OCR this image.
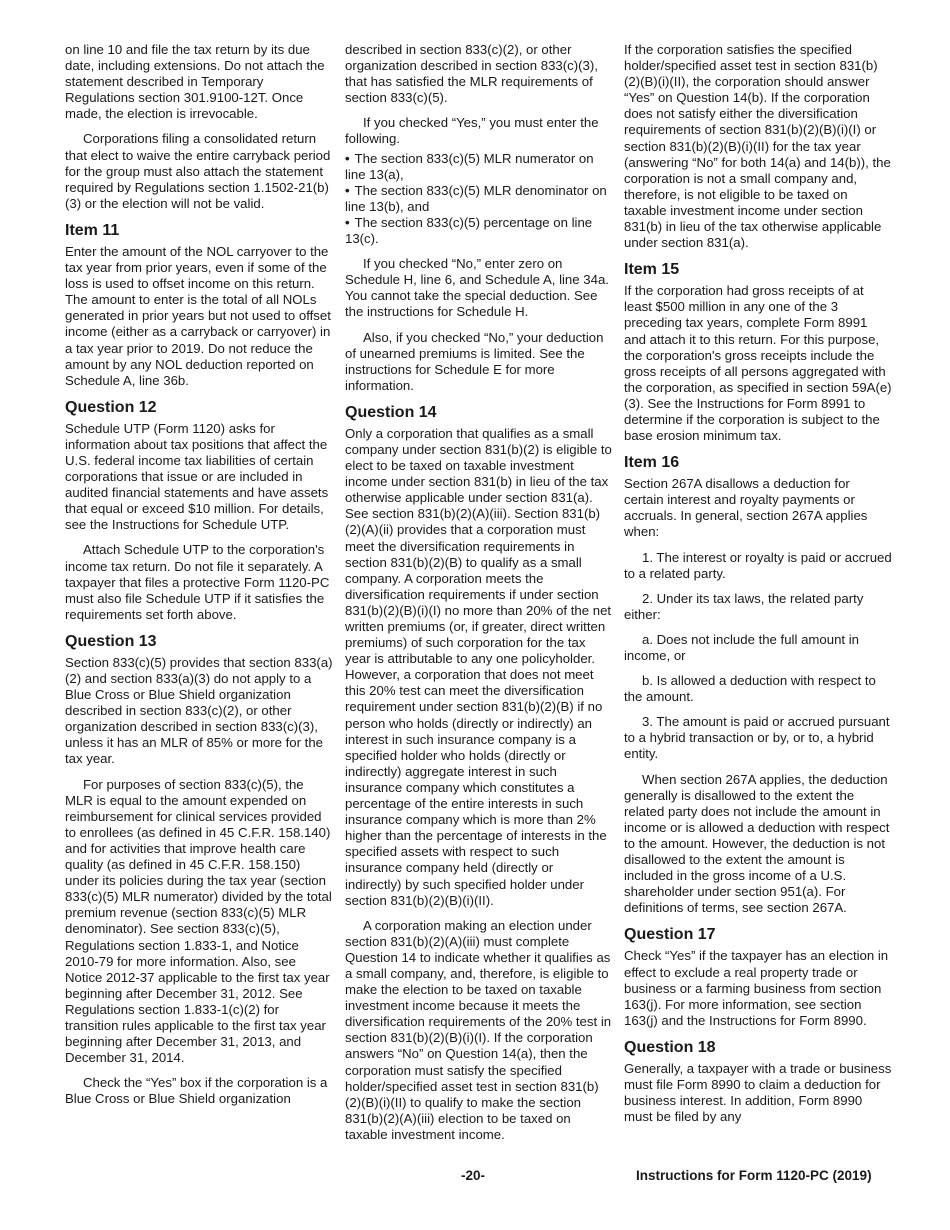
on line 10 and file the tax return by its due date, including extensions. Do not attach the statement described in Temporary Regulations section 301.9100-12T. Once made, the election is irrevocable.

Corporations filing a consolidated return that elect to waive the entire carryback period for the group must also attach the statement required by Regulations section 1.1502-21(b)(3) or the election will not be valid.

Item 11

Enter the amount of the NOL carryover to the tax year from prior years, even if some of the loss is used to offset income on this return. The amount to enter is the total of all NOLs generated in prior years but not used to offset income (either as a carryback or carryover) in a tax year prior to 2019. Do not reduce the amount by any NOL deduction reported on Schedule A, line 36b.

Question 12

Schedule UTP (Form 1120) asks for information about tax positions that affect the U.S. federal income tax liabilities of certain corporations that issue or are included in audited financial statements and have assets that equal or exceed $10 million. For details, see the Instructions for Schedule UTP.

Attach Schedule UTP to the corporation's income tax return. Do not file it separately. A taxpayer that files a protective Form 1120-PC must also file Schedule UTP if it satisfies the requirements set forth above.

Question 13

Section 833(c)(5) provides that section 833(a)(2) and section 833(a)(3) do not apply to a Blue Cross or Blue Shield organization described in section 833(c)(2), or other organization described in section 833(c)(3), unless it has an MLR of 85% or more for the tax year.

For purposes of section 833(c)(5), the MLR is equal to the amount expended on reimbursement for clinical services provided to enrollees (as defined in 45 C.F.R. 158.140) and for activities that improve health care quality (as defined in 45 C.F.R. 158.150) under its policies during the tax year (section 833(c)(5) MLR numerator) divided by the total premium revenue (section 833(c)(5) MLR denominator). See section 833(c)(5), Regulations section 1.833-1, and Notice 2010-79 for more information. Also, see Notice 2012-37 applicable to the first tax year beginning after December 31, 2012. See Regulations section 1.833-1(c)(2) for transition rules applicable to the first tax year beginning after December 31, 2013, and December 31, 2014.

Check the “Yes” box if the corporation is a Blue Cross or Blue Shield organization

described in section 833(c)(2), or other organization described in section 833(c)(3), that has satisfied the MLR requirements of section 833(c)(5).

If you checked “Yes,” you must enter the following.

• The section 833(c)(5) MLR numerator on line 13(a),
• The section 833(c)(5) MLR denominator on line 13(b), and
• The section 833(c)(5) percentage on line 13(c).

If you checked “No,” enter zero on Schedule H, line 6, and Schedule A, line 34a. You cannot take the special deduction. See the instructions for Schedule H.

Also, if you checked “No,” your deduction of unearned premiums is limited. See the instructions for Schedule E for more information.

Question 14

Only a corporation that qualifies as a small company under section 831(b)(2) is eligible to elect to be taxed on taxable investment income under section 831(b) in lieu of the tax otherwise applicable under section 831(a). See section 831(b)(2)(A)(iii). Section 831(b)(2)(A)(ii) provides that a corporation must meet the diversification requirements in section 831(b)(2)(B) to qualify as a small company. A corporation meets the diversification requirements if under section 831(b)(2)(B)(i)(I) no more than 20% of the net written premiums (or, if greater, direct written premiums) of such corporation for the tax year is attributable to any one policyholder. However, a corporation that does not meet this 20% test can meet the diversification requirement under section 831(b)(2)(B) if no person who holds (directly or indirectly) an interest in such insurance company is a specified holder who holds (directly or indirectly) aggregate interest in such insurance company which constitutes a percentage of the entire interests in such insurance company which is more than 2% higher than the percentage of interests in the specified assets with respect to such insurance company held (directly or indirectly) by such specified holder under section 831(b)(2)(B)(i)(II).

A corporation making an election under section 831(b)(2)(A)(iii) must complete Question 14 to indicate whether it qualifies as a small company, and, therefore, is eligible to make the election to be taxed on taxable investment income because it meets the diversification requirements of the 20% test in section 831(b)(2)(B)(i)(I). If the corporation answers “No” on Question 14(a), then the corporation must satisfy the specified holder/specified asset test in section 831(b)(2)(B)(i)(II) to qualify to make the section 831(b)(2)(A)(iii) election to be taxed on taxable investment income.

If the corporation satisfies the specified holder/specified asset test in section 831(b)(2)(B)(i)(II), the corporation should answer “Yes” on Question 14(b). If the corporation does not satisfy either the diversification requirements of section 831(b)(2)(B)(i)(I) or section 831(b)(2)(B)(i)(II) for the tax year (answering “No” for both 14(a) and 14(b)), the corporation is not a small company and, therefore, is not eligible to be taxed on taxable investment income under section 831(b) in lieu of the tax otherwise applicable under section 831(a).

Item 15

If the corporation had gross receipts of at least $500 million in any one of the 3 preceding tax years, complete Form 8991 and attach it to this return. For this purpose, the corporation's gross receipts include the gross receipts of all persons aggregated with the corporation, as specified in section 59A(e)(3). See the Instructions for Form 8991 to determine if the corporation is subject to the base erosion minimum tax.

Item 16

Section 267A disallows a deduction for certain interest and royalty payments or accruals. In general, section 267A applies when:

1. The interest or royalty is paid or accrued to a related party.

2. Under its tax laws, the related party either:

a. Does not include the full amount in income, or

b. Is allowed a deduction with respect to the amount.

3. The amount is paid or accrued pursuant to a hybrid transaction or by, or to, a hybrid entity.

When section 267A applies, the deduction generally is disallowed to the extent the related party does not include the amount in income or is allowed a deduction with respect to the amount. However, the deduction is not disallowed to the extent the amount is included in the gross income of a U.S. shareholder under section 951(a). For definitions of terms, see section 267A.

Question 17

Check “Yes” if the taxpayer has an election in effect to exclude a real property trade or business or a farming business from section 163(j). For more information, see section 163(j) and the Instructions for Form 8990.

Question 18

Generally, a taxpayer with a trade or business must file Form 8990 to claim a deduction for business interest. In addition, Form 8990 must be filed by any

-20-	Instructions for Form 1120-PC (2019)
